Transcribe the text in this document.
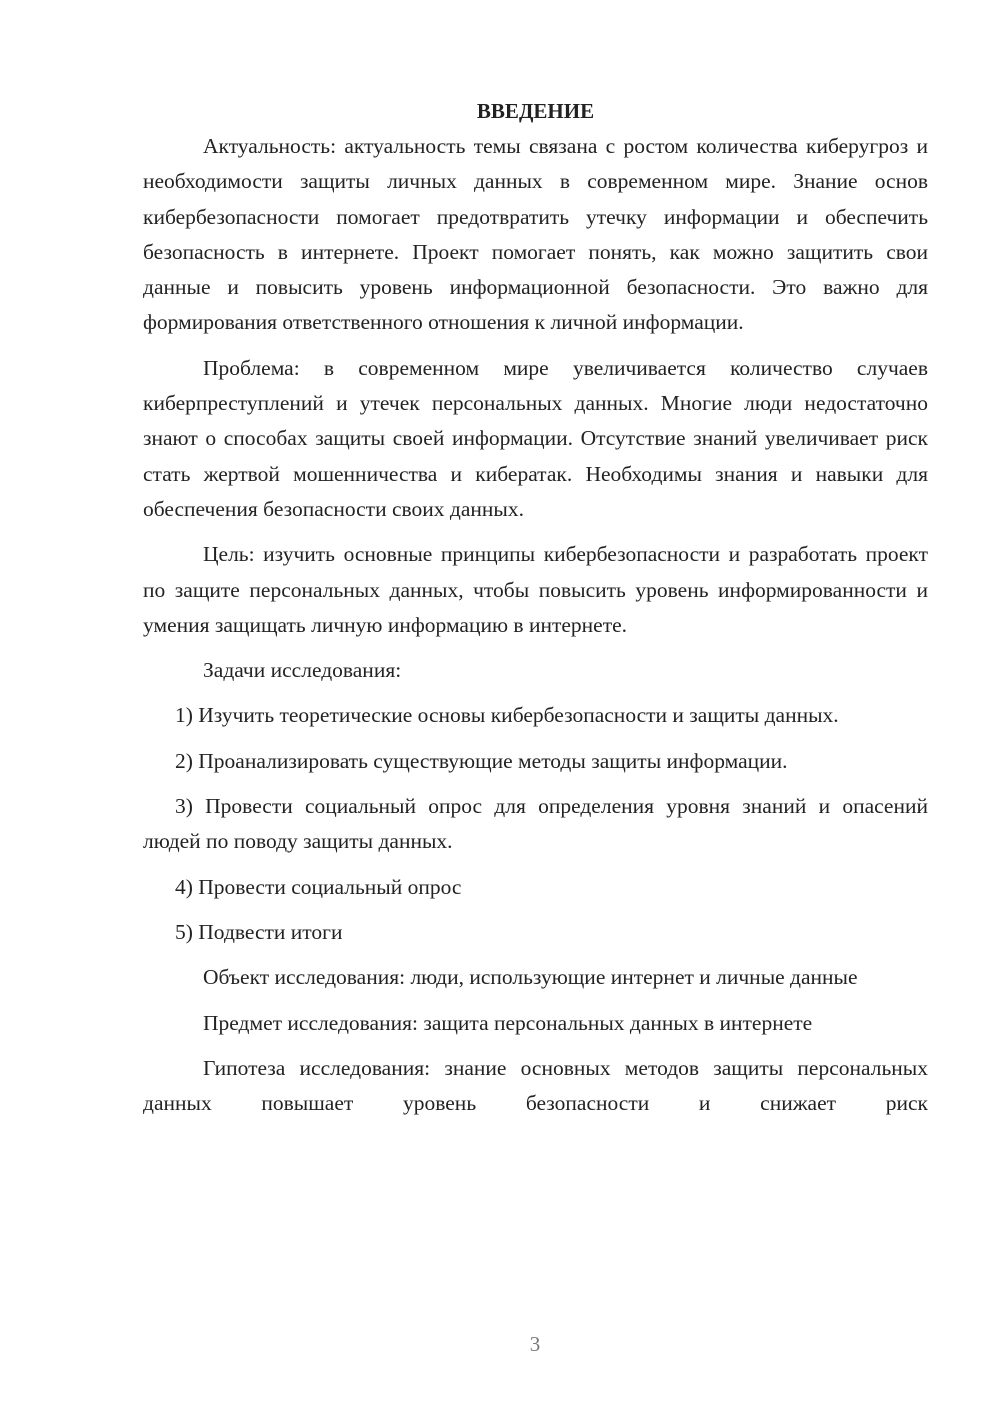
ВВЕДЕНИЕ

Актуальность: актуальность темы связана с ростом количества киберугроз и необходимости защиты личных данных в современном мире. Знание основ кибербезопасности помогает предотвратить утечку информации и обеспечить безопасность в интернете. Проект помогает понять, как можно защитить свои данные и повысить уровень информационной безопасности. Это важно для формирования ответственного отношения к личной информации.

Проблема: в современном мире увеличивается количество случаев киберпреступлений и утечек персональных данных. Многие люди недостаточно знают о способах защиты своей информации. Отсутствие знаний увеличивает риск стать жертвой мошенничества и кибератак. Необходимы знания и навыки для обеспечения безопасности своих данных.

Цель: изучить основные принципы кибербезопасности и разработать проект по защите персональных данных, чтобы повысить уровень информированности и умения защищать личную информацию в интернете.

Задачи исследования:

1) Изучить теоретические основы кибербезопасности и защиты данных.

2) Проанализировать существующие методы защиты информации.

3) Провести социальный опрос для определения уровня знаний и опасений людей по поводу защиты данных.

4) Провести социальный опрос

5) Подвести итоги

Объект исследования: люди, использующие интернет и личные данные

Предмет исследования: защита персональных данных в интернете

Гипотеза исследования: знание основных методов защиты персональных данных повышает уровень безопасности и снижает риск

3
